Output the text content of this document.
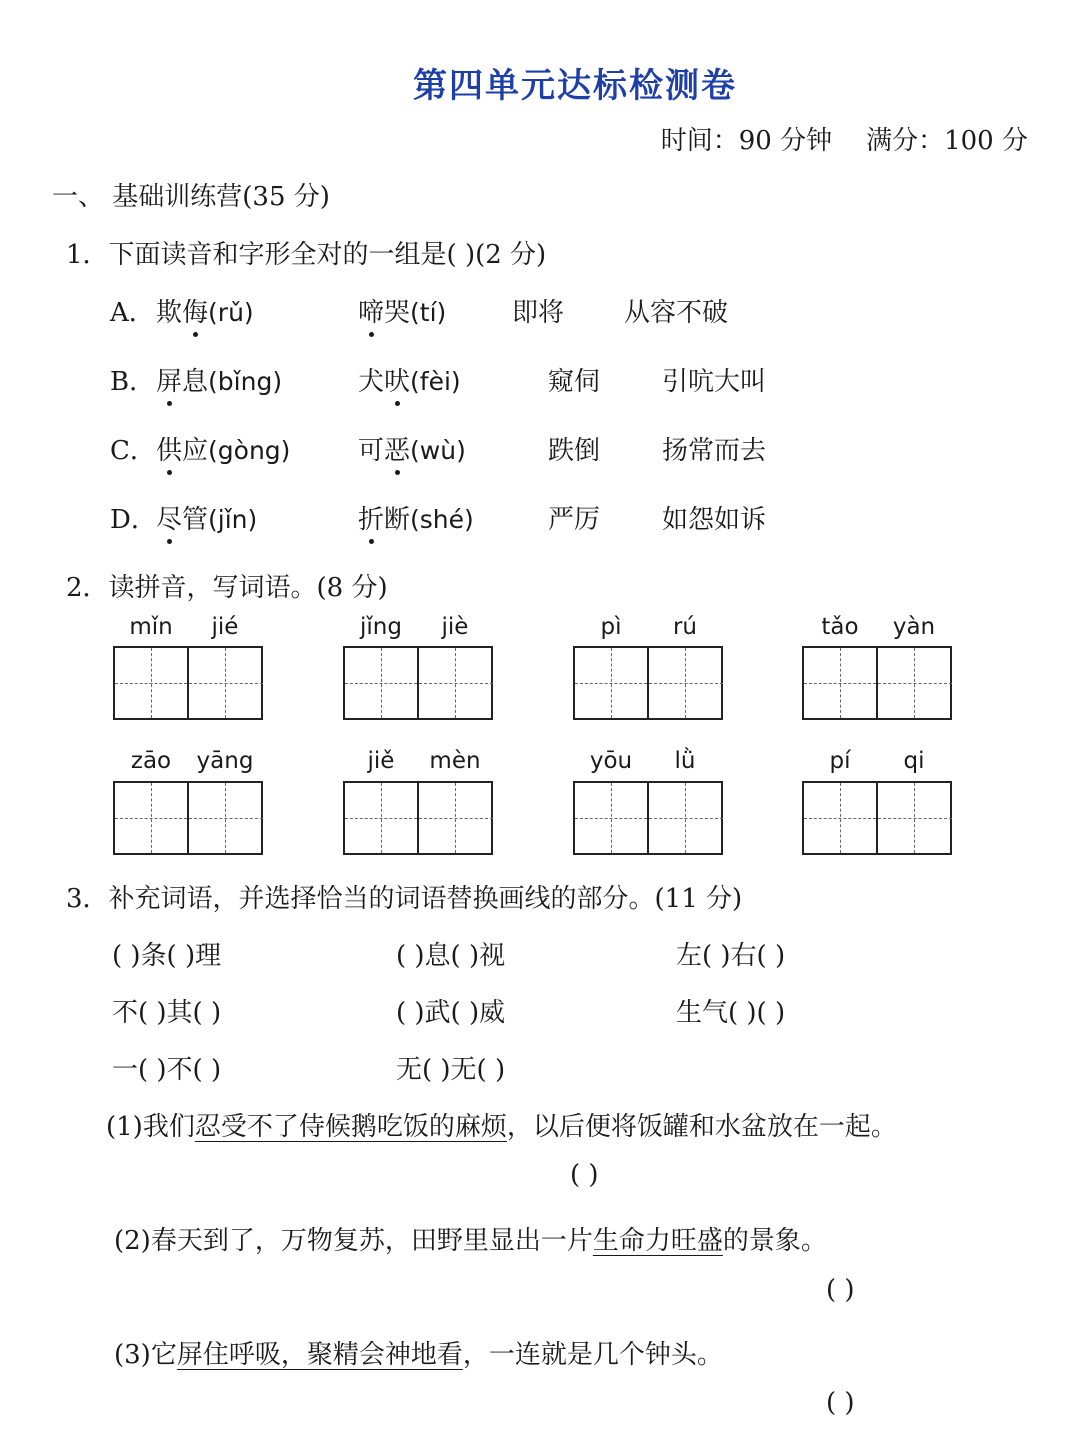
第四单元达标检测卷
时间：90 分钟 满分：100 分
一、 基础训练营(35 分)
1．下面读音和字形全对的一组是( )(2 分)
A． 欺侮(rǔ)	啼哭(tí)	即将 从容不破
B． 屏息(bǐng)	犬吠(fèi)	窥伺 引吭大叫
C． 供应(gòng)	可恶(wù)	跌倒 扬常而去
D． 尽管(jǐn)	折断(shé)	严厉 如怨如诉
2．读拼音，写词语。(8 分)
mǐn	jié	jǐng	jiè	pì	rú	tǎo	yàn
zāo	yāng	jiě	mèn	yōu	lǜ	pí	qi
3．补充词语，并选择恰当的词语替换画线的部分。(11 分)
( )条( )理	( )息( )视	左( )右( )
不( )其( )	( )武( )威	生气( )( )
一( )不( )	无( )无( )
(1)我们忍受不了侍候鹅吃饭的麻烦，以后便将饭罐和水盆放在一起。
( )
(2)春天到了，万物复苏，田野里显出一片生命力旺盛的景象。
( )
(3)它屏住呼吸，聚精会神地看，一连就是几个钟头。
( )
